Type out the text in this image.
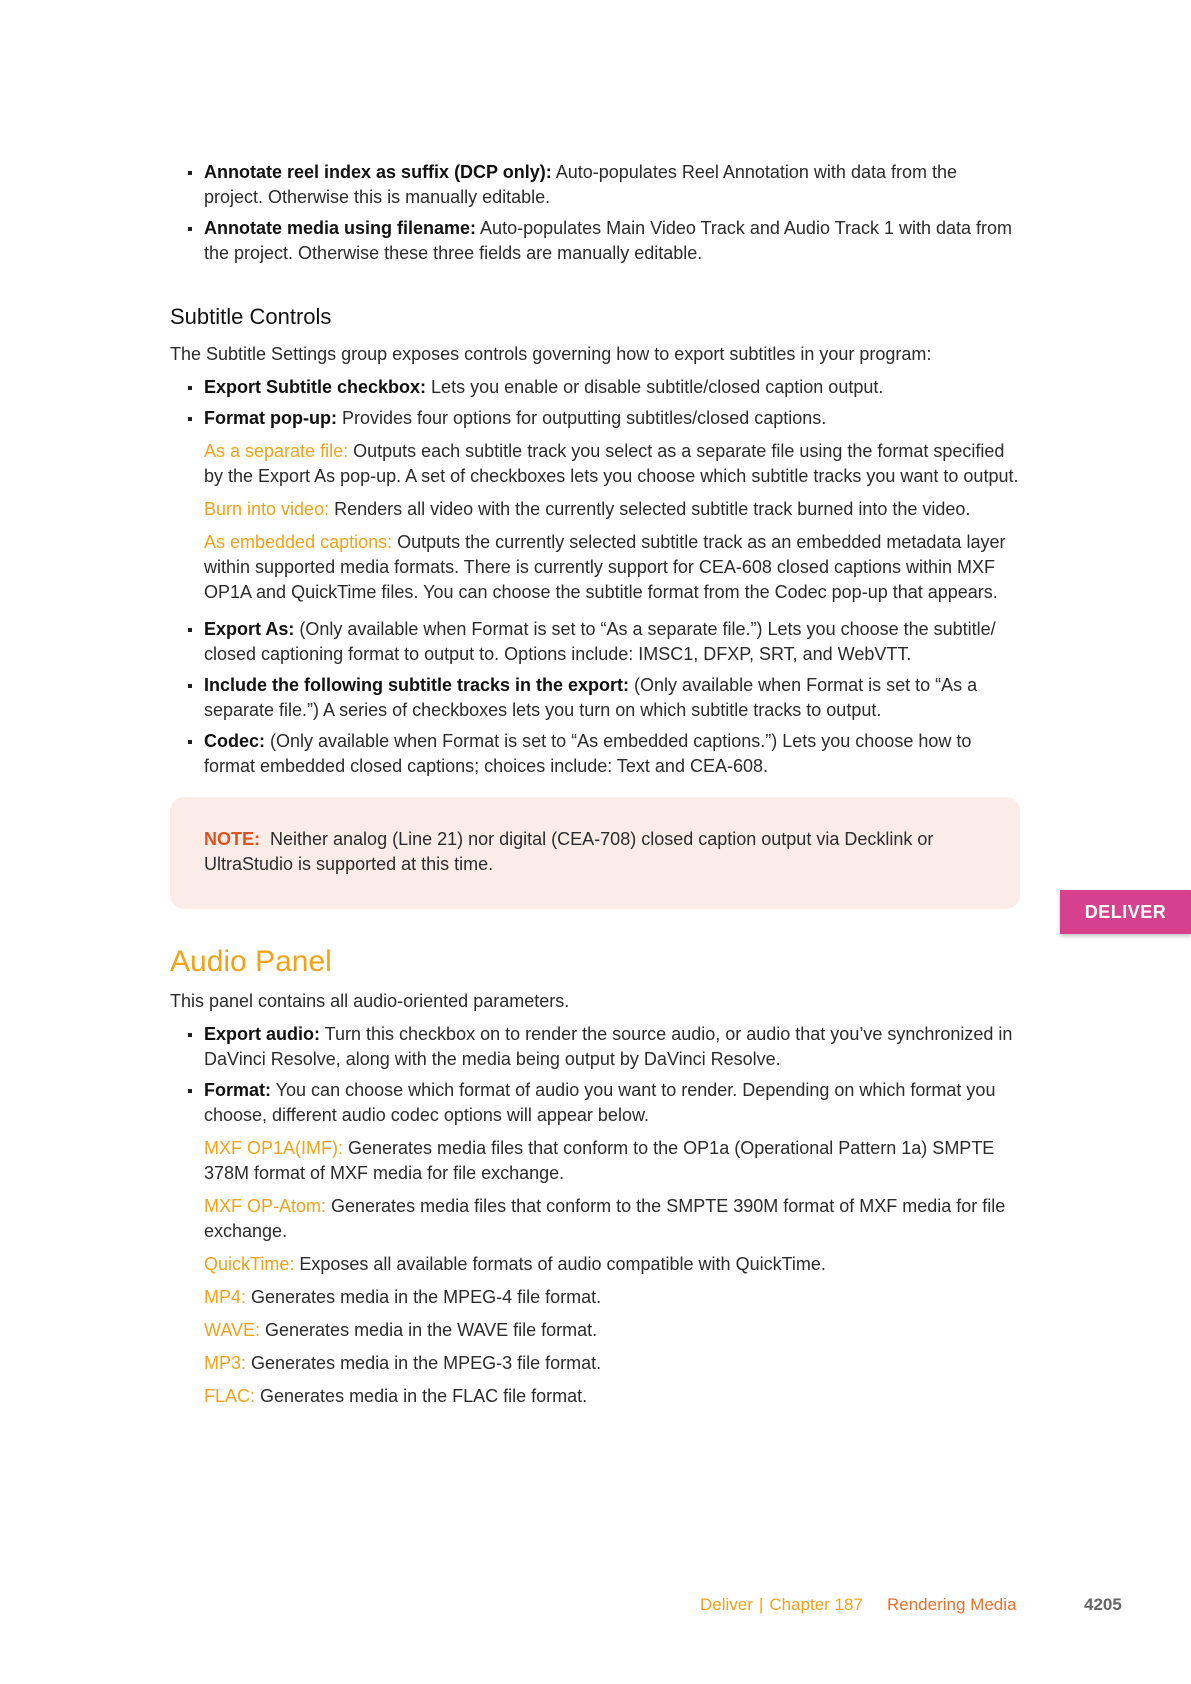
Annotate reel index as suffix (DCP only): Auto-populates Reel Annotation with data from the project. Otherwise this is manually editable.
Annotate media using filename: Auto-populates Main Video Track and Audio Track 1 with data from the project. Otherwise these three fields are manually editable.
Subtitle Controls
The Subtitle Settings group exposes controls governing how to export subtitles in your program:
Export Subtitle checkbox: Lets you enable or disable subtitle/closed caption output.
Format pop-up: Provides four options for outputting subtitles/closed captions.
As a separate file: Outputs each subtitle track you select as a separate file using the format specified by the Export As pop-up. A set of checkboxes lets you choose which subtitle tracks you want to output.
Burn into video: Renders all video with the currently selected subtitle track burned into the video.
As embedded captions: Outputs the currently selected subtitle track as an embedded metadata layer within supported media formats. There is currently support for CEA-608 closed captions within MXF OP1A and QuickTime files. You can choose the subtitle format from the Codec pop-up that appears.
Export As: (Only available when Format is set to “As a separate file.”) Lets you choose the subtitle/ closed captioning format to output to. Options include: IMSC1, DFXP, SRT, and WebVTT.
Include the following subtitle tracks in the export: (Only available when Format is set to “As a separate file.”) A series of checkboxes lets you turn on which subtitle tracks to output.
Codec: (Only available when Format is set to “As embedded captions.”) Lets you choose how to format embedded closed captions; choices include: Text and CEA-608.
NOTE:  Neither analog (Line 21) nor digital (CEA-708) closed caption output via Decklink or UltraStudio is supported at this time.
Audio Panel
This panel contains all audio-oriented parameters.
Export audio: Turn this checkbox on to render the source audio, or audio that you’ve synchronized in DaVinci Resolve, along with the media being output by DaVinci Resolve.
Format: You can choose which format of audio you want to render. Depending on which format you choose, different audio codec options will appear below.
MXF OP1A(IMF): Generates media files that conform to the OP1a (Operational Pattern 1a) SMPTE 378M format of MXF media for file exchange.
MXF OP-Atom: Generates media files that conform to the SMPTE 390M format of MXF media for file exchange.
QuickTime: Exposes all available formats of audio compatible with QuickTime.
MP4: Generates media in the MPEG-4 file format.
WAVE: Generates media in the WAVE file format.
MP3: Generates media in the MPEG-3 file format.
FLAC: Generates media in the FLAC file format.
DELIVER
Deliver | Chapter 187 Rendering Media	4205
